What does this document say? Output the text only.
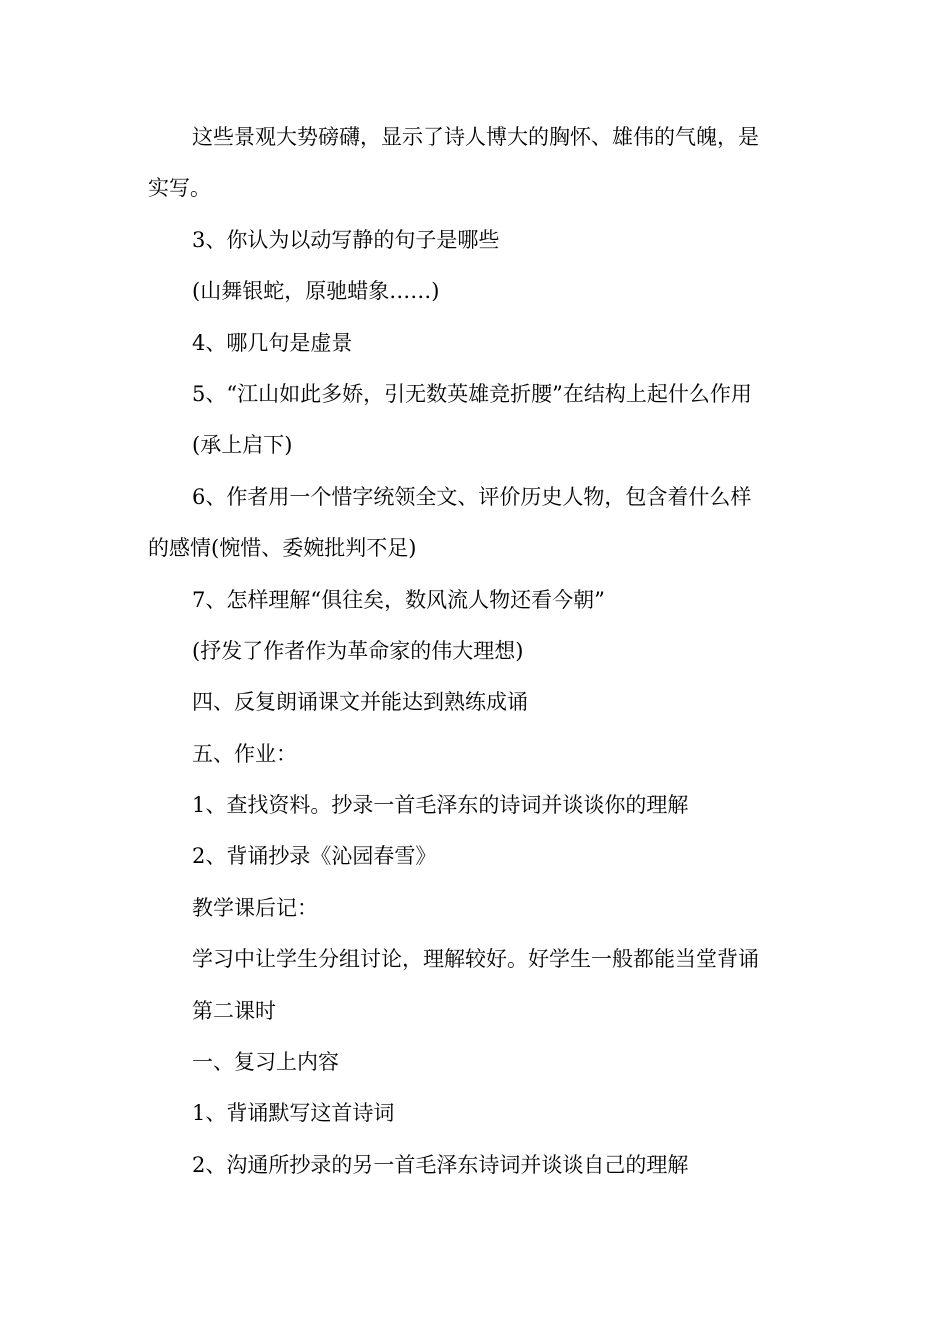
这些景观大势磅礴，显示了诗人博大的胸怀、雄伟的气魄，是
实写。
3、你认为以动写静的句子是哪些
(山舞银蛇，原驰蜡象……)
4、哪几句是虚景
5、“江山如此多娇，引无数英雄竞折腰”在结构上起什么作用
(承上启下)
6、作者用一个惜字统领全文、评价历史人物，包含着什么样
的感情(惋惜、委婉批判不足)
7、怎样理解“俱往矣，数风流人物还看今朝”
(抒发了作者作为革命家的伟大理想)
四、反复朗诵课文并能达到熟练成诵
五、作业：
1、查找资料。抄录一首毛泽东的诗词并谈谈你的理解
2、背诵抄录《沁园春雪》
教学课后记：
学习中让学生分组讨论，理解较好。好学生一般都能当堂背诵
第二课时
一、复习上内容
1、背诵默写这首诗词
2、沟通所抄录的另一首毛泽东诗词并谈谈自己的理解
